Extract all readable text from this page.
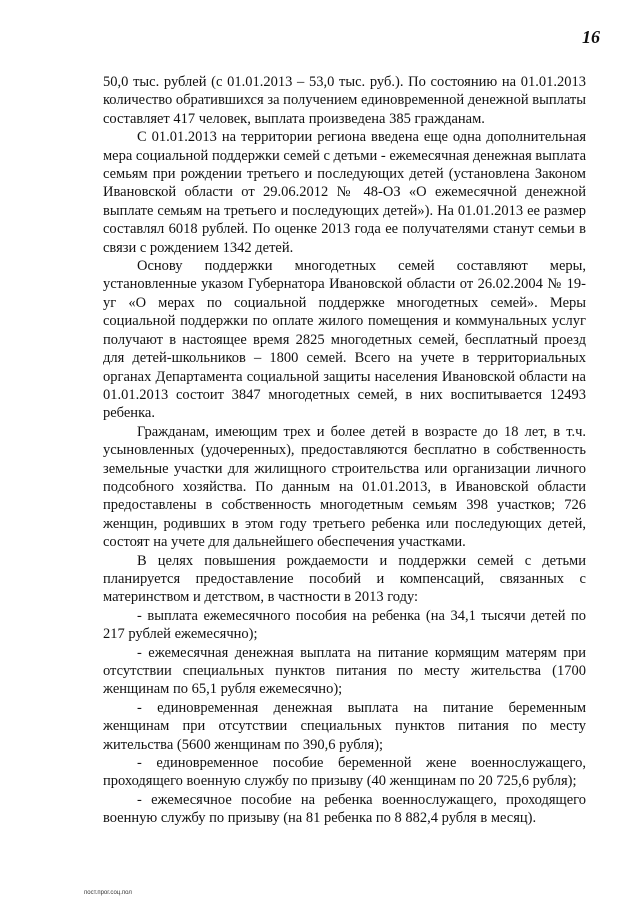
16

50,0 тыс. рублей (с 01.01.2013 – 53,0 тыс. руб.). По состоянию на 01.01.2013 количество обратившихся за получением единовременной денежной выплаты составляет 417 человек, выплата произведена 385 гражданам.

С 01.01.2013 на территории региона введена еще одна дополнительная мера социальной поддержки семей с детьми - ежемесячная денежная выплата семьям при рождении третьего и последующих детей (установлена Законом Ивановской области от 29.06.2012 № 48-ОЗ «О ежемесячной денежной выплате семьям на третьего и последующих детей»). На 01.01.2013 ее размер составлял 6018 рублей. По оценке 2013 года ее получателями станут семьи в связи с рождением 1342 детей.

Основу поддержки многодетных семей составляют меры, установленные указом Губернатора Ивановской области от 26.02.2004 № 19-уг «О мерах по социальной поддержке многодетных семей». Меры социальной поддержки по оплате жилого помещения и коммунальных услуг получают в настоящее время 2825 многодетных семей, бесплатный проезд для детей-школьников – 1800 семей. Всего на учете в территориальных органах Департамента социальной защиты населения Ивановской области на 01.01.2013 состоит 3847 многодетных семей, в них воспитывается 12493 ребенка.

Гражданам, имеющим трех и более детей в возрасте до 18 лет, в т.ч. усыновленных (удочеренных), предоставляются бесплатно в собственность земельные участки для жилищного строительства или организации личного подсобного хозяйства. По данным на 01.01.2013, в Ивановской области предоставлены в собственность многодетным семьям 398 участков; 726 женщин, родивших в этом году третьего ребенка или последующих детей, состоят на учете для дальнейшего обеспечения участками.

В целях повышения рождаемости и поддержки семей с детьми планируется предоставление пособий и компенсаций, связанных с материнством и детством, в частности в 2013 году:

- выплата ежемесячного пособия на ребенка (на 34,1 тысячи детей по 217 рублей ежемесячно);

- ежемесячная денежная выплата на питание кормящим матерям при отсутствии специальных пунктов питания по месту жительства (1700 женщинам по 65,1 рубля ежемесячно);

- единовременная денежная выплата на питание беременным женщинам при отсутствии специальных пунктов питания по месту жительства (5600 женщинам по 390,6 рубля);

- единовременное пособие беременной жене военнослужащего, проходящего военную службу по призыву (40 женщинам по 20 725,6 рубля);

- ежемесячное пособие на ребенка военнослужащего, проходящего военную службу по призыву (на 81 ребенка по 8 882,4 рубля в месяц).

пост.прог.соц.пол
